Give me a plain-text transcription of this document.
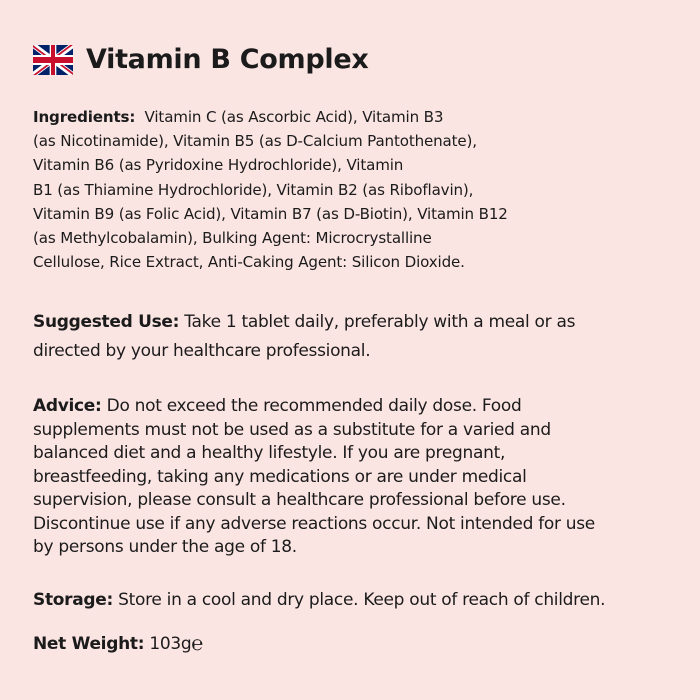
Vitamin B Complex
Ingredients: Vitamin C (as Ascorbic Acid), Vitamin B3
(as Nicotinamide), Vitamin B5 (as D-Calcium Pantothenate),
Vitamin B6 (as Pyridoxine Hydrochloride), Vitamin
B1 (as Thiamine Hydrochloride), Vitamin B2 (as Riboflavin),
Vitamin B9 (as Folic Acid), Vitamin B7 (as D-Biotin), Vitamin B12
(as Methylcobalamin), Bulking Agent: Microcrystalline
Cellulose, Rice Extract, Anti-Caking Agent: Silicon Dioxide.
Suggested Use: Take 1 tablet daily, preferably with a meal or as
directed by your healthcare professional.
Advice: Do not exceed the recommended daily dose. Food
supplements must not be used as a substitute for a varied and
balanced diet and a healthy lifestyle. If you are pregnant,
breastfeeding, taking any medications or are under medical
supervision, please consult a healthcare professional before use.
Discontinue use if any adverse reactions occur. Not intended for use
by persons under the age of 18.
Storage: Store in a cool and dry place. Keep out of reach of children.
Net Weight: 103g℮
